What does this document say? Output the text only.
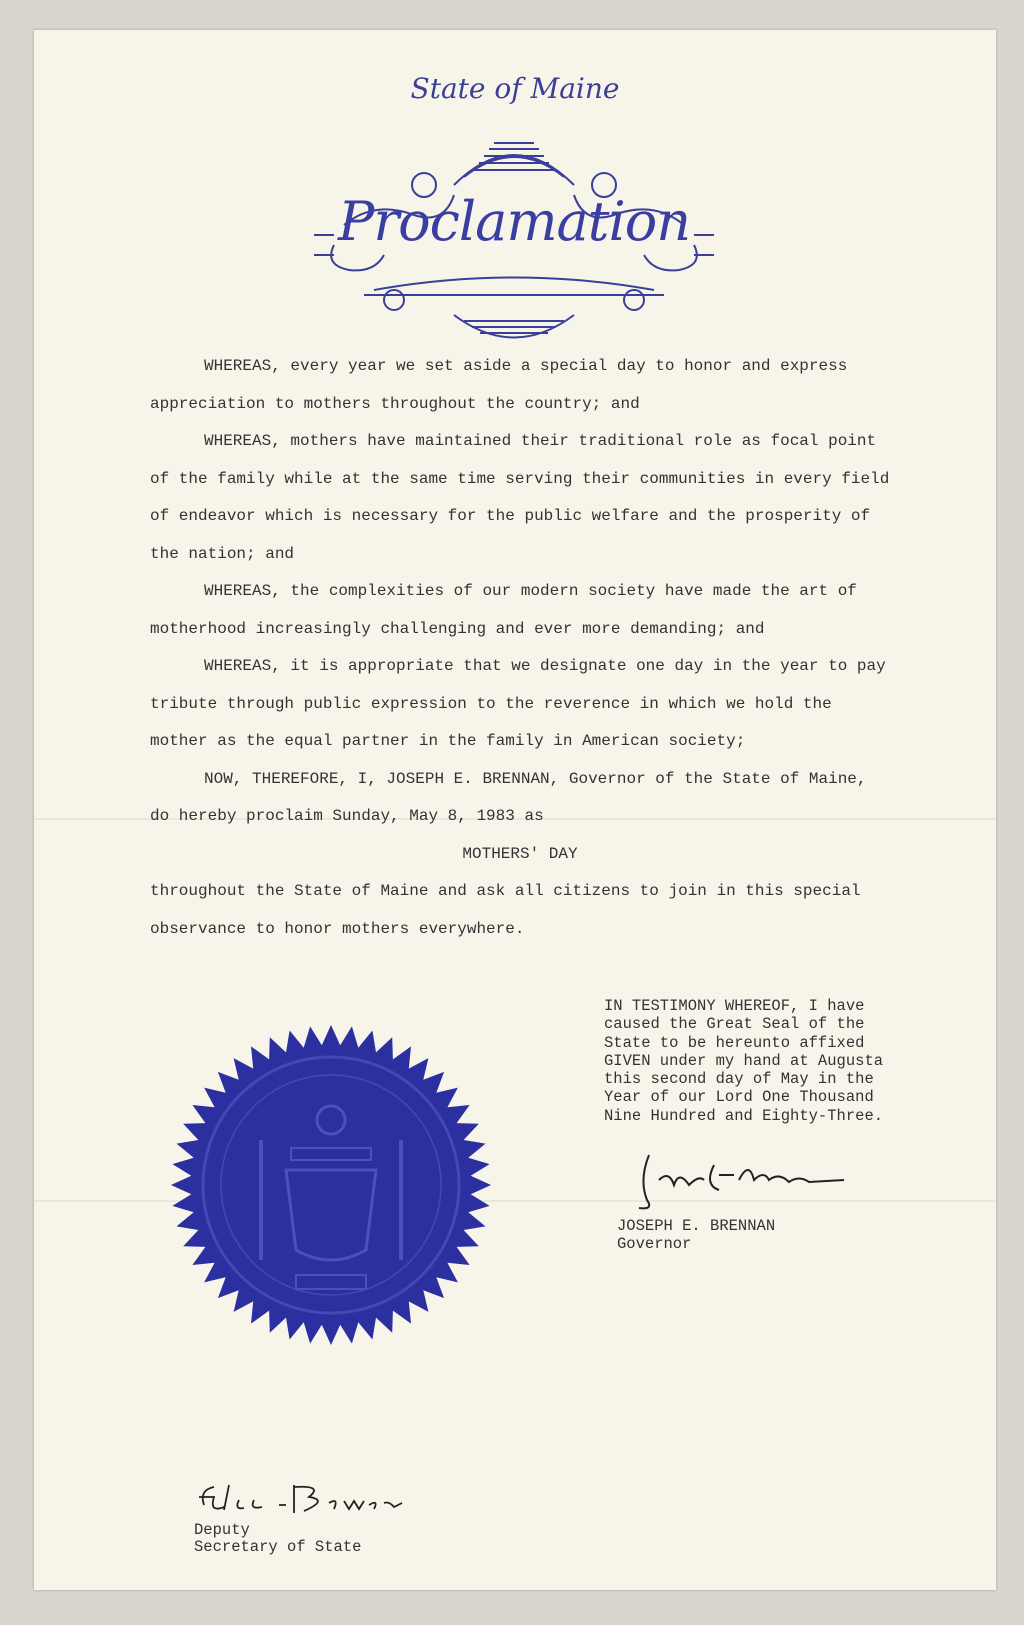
State of Maine
Proclamation

WHEREAS, every year we set aside a special day to honor and express appreciation to mothers throughout the country; and

WHEREAS, mothers have maintained their traditional role as focal point of the family while at the same time serving their communities in every field of endeavor which is necessary for the public welfare and the prosperity of the nation; and

WHEREAS, the complexities of our modern society have made the art of motherhood increasingly challenging and ever more demanding; and

WHEREAS, it is appropriate that we designate one day in the year to pay tribute through public expression to the reverence in which we hold the mother as the equal partner in the family in American society;

NOW, THEREFORE, I, JOSEPH E. BRENNAN, Governor of the State of Maine, do hereby proclaim Sunday, May 8, 1983 as

MOTHERS' DAY

throughout the State of Maine and ask all citizens to join in this special observance to honor mothers everywhere.

IN TESTIMONY WHEREOF, I have
caused the Great Seal of the
State to be hereunto affixed
GIVEN under my hand at Augusta
this second day of May in the
Year of our Lord One Thousand
Nine Hundred and Eighty-Three.
JOSEPH E. BRENNAN
Governor
Deputy
Secretary of State
